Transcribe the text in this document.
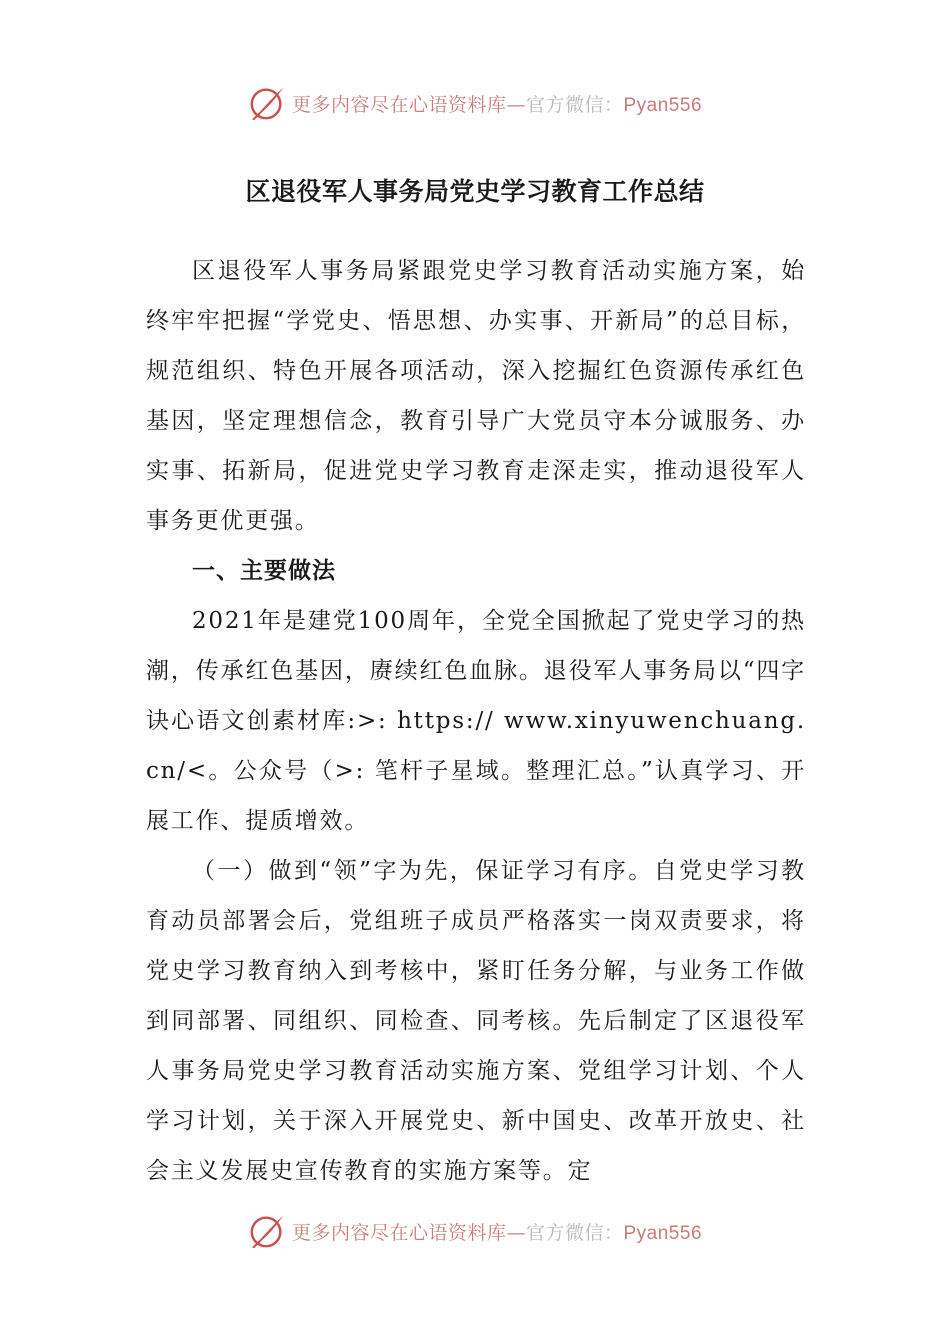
更多内容尽在心语资料库—官方微信：Pyan556
区退役军人事务局党史学习教育工作总结

区退役军人事务局紧跟党史学习教育活动实施方案，始终牢牢把握“学党史、悟思想、办实事、开新局”的总目标，规范组织、特色开展各项活动，深入挖掘红色资源传承红色基因，坚定理想信念，教育引导广大党员守本分诚服务、办实事、拓新局，促进党史学习教育走深走实，推动退役军人事务更优更强。

一、主要做法

2021年是建党100周年，全党全国掀起了党史学习的热潮，传承红色基因，赓续红色血脉。退役军人事务局以“四字诀心语文创素材库:>: https:// www.xinyuwenchuang.cn/<。公众号（>: 笔杆子星域。整理汇总。”认真学习、开展工作、提质增效。

（一）做到“领”字为先，保证学习有序。自党史学习教育动员部署会后，党组班子成员严格落实一岗双责要求，将党史学习教育纳入到考核中，紧盯任务分解，与业务工作做到同部署、同组织、同检查、同考核。先后制定了区退役军人事务局党史学习教育活动实施方案、党组学习计划、个人学习计划，关于深入开展党史、新中国史、改革开放史、社会主义发展史宣传教育的实施方案等。定

更多内容尽在心语资料库—官方微信：Pyan556
